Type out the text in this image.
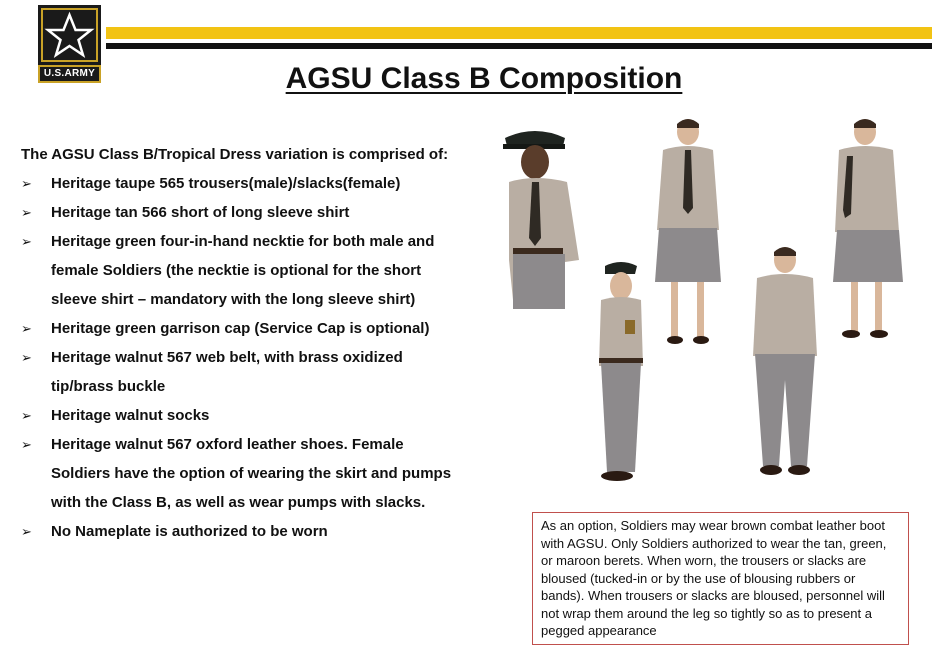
U.S.ARMY	AGSU Class B Composition

The AGSU Class B/Tropical Dress variation is comprised of:

➢ Heritage taupe 565 trousers(male)/slacks(female)
➢ Heritage tan 566 short of long sleeve shirt
➢ Heritage green four-in-hand necktie for both male and female Soldiers (the necktie is optional for the short sleeve shirt – mandatory with the long sleeve shirt)
➢ Heritage green garrison cap (Service Cap is optional)
➢ Heritage walnut 567 web belt, with brass oxidized tip/brass buckle
➢ Heritage walnut socks
➢ Heritage walnut 567 oxford leather shoes. Female Soldiers have the option of wearing the skirt and pumps with the Class B, as well as wear pumps with slacks.
➢ No Nameplate is authorized to be worn	As an option, Soldiers may wear brown combat leather boot with AGSU. Only Soldiers authorized to wear the tan, green, or maroon berets. When worn, the trousers or slacks are bloused (tucked-in or by the use of blousing rubbers or bands). When trousers or slacks are bloused, personnel will not wrap them around the leg so tightly so as to present a pegged appearance
